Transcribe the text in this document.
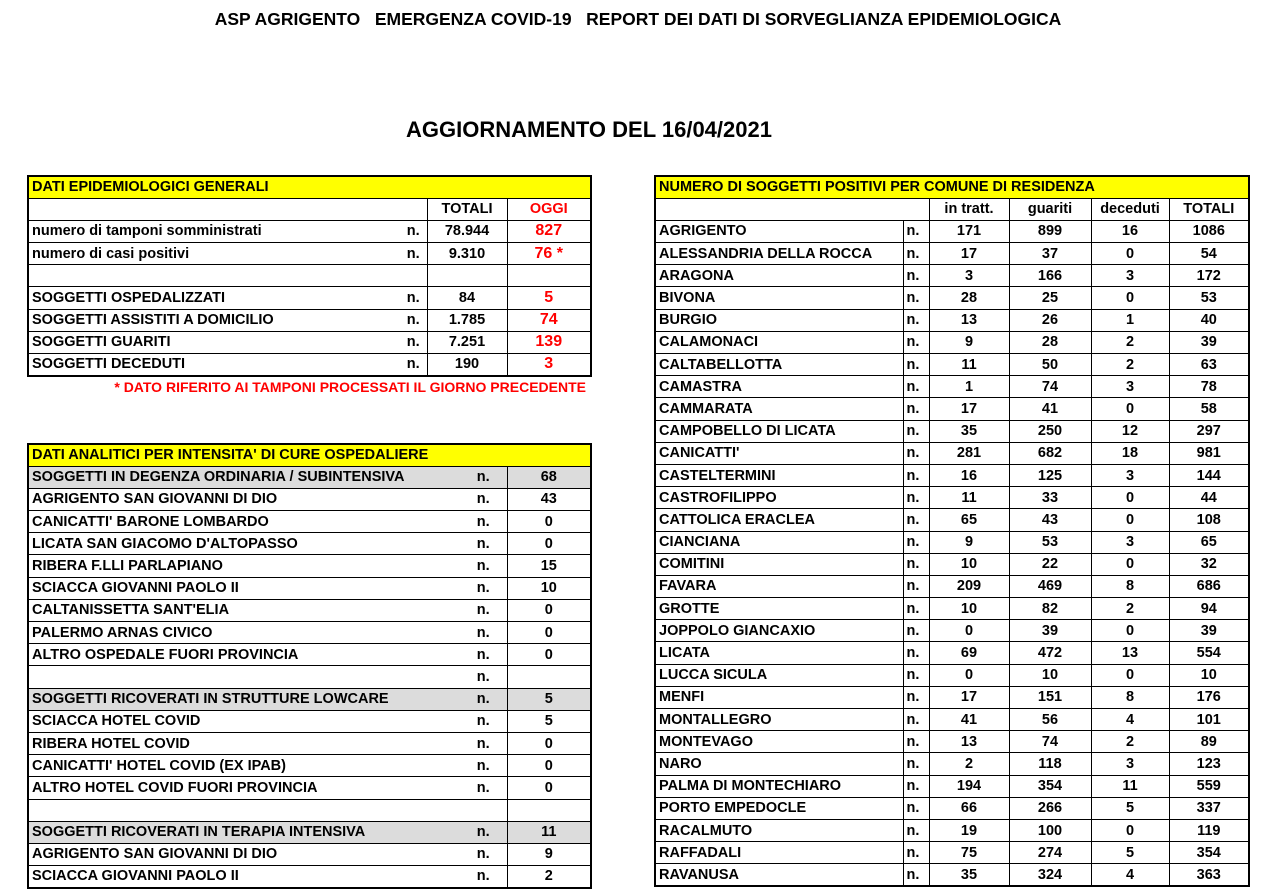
ASP AGRIGENTO   EMERGENZA COVID-19   REPORT DEI DATI DI SORVEGLIANZA EPIDEMIOLOGICA
AGGIORNAMENTO DEL 16/04/2021
DATI EPIDEMIOLOGICI GENERALI			
		TOTALI	OGGI
numero di tamponi somministrati	n.	78.944	827
numero di casi positivi	n.	9.310	76 *

SOGGETTI OSPEDALIZZATI	n.	84	5
SOGGETTI ASSISTITI A DOMICILIO	n.	1.785	74
SOGGETTI GUARITI	n.	7.251	139
SOGGETTI DECEDUTI	n.	190	3
* DATO RIFERITO AI TAMPONI PROCESSATI IL GIORNO PRECEDENTE
DATI ANALITICI PER INTENSITA' DI CURE OSPEDALIERE		
SOGGETTI IN DEGENZA ORDINARIA / SUBINTENSIVA	n.	68
AGRIGENTO SAN GIOVANNI DI DIO	n.	43
CANICATTI' BARONE LOMBARDO	n.	0
LICATA SAN GIACOMO D'ALTOPASSO	n.	0
RIBERA F.LLI PARLAPIANO	n.	15
SCIACCA GIOVANNI PAOLO II	n.	10
CALTANISSETTA SANT'ELIA	n.	0
PALERMO ARNAS CIVICO	n.	0
ALTRO OSPEDALE FUORI PROVINCIA	n.	0
	n.	
SOGGETTI RICOVERATI IN STRUTTURE LOWCARE	n.	5
SCIACCA HOTEL COVID	n.	5
RIBERA HOTEL COVID	n.	0
CANICATTI' HOTEL COVID (EX IPAB)	n.	0
ALTRO HOTEL COVID FUORI PROVINCIA	n.	0

SOGGETTI RICOVERATI IN TERAPIA INTENSIVA	n.	11
AGRIGENTO SAN GIOVANNI DI DIO	n.	9
SCIACCA GIOVANNI PAOLO II	n.	2
NUMERO DI SOGGETTI POSITIVI PER COMUNE DI RESIDENZA					
		in tratt.	guariti	deceduti	TOTALI
AGRIGENTO	n.	171	899	16	1086
ALESSANDRIA DELLA ROCCA	n.	17	37	0	54
ARAGONA	n.	3	166	3	172
BIVONA	n.	28	25	0	53
BURGIO	n.	13	26	1	40
CALAMONACI	n.	9	28	2	39
CALTABELLOTTA	n.	11	50	2	63
CAMASTRA	n.	1	74	3	78
CAMMARATA	n.	17	41	0	58
CAMPOBELLO DI LICATA	n.	35	250	12	297
CANICATTI'	n.	281	682	18	981
CASTELTERMINI	n.	16	125	3	144
CASTROFILIPPO	n.	11	33	0	44
CATTOLICA ERACLEA	n.	65	43	0	108
CIANCIANA	n.	9	53	3	65
COMITINI	n.	10	22	0	32
FAVARA	n.	209	469	8	686
GROTTE	n.	10	82	2	94
JOPPOLO GIANCAXIO	n.	0	39	0	39
LICATA	n.	69	472	13	554
LUCCA SICULA	n.	0	10	0	10
MENFI	n.	17	151	8	176
MONTALLEGRO	n.	41	56	4	101
MONTEVAGO	n.	13	74	2	89
NARO	n.	2	118	3	123
PALMA DI MONTECHIARO	n.	194	354	11	559
PORTO EMPEDOCLE	n.	66	266	5	337
RACALMUTO	n.	19	100	0	119
RAFFADALI	n.	75	274	5	354
RAVANUSA	n.	35	324	4	363
